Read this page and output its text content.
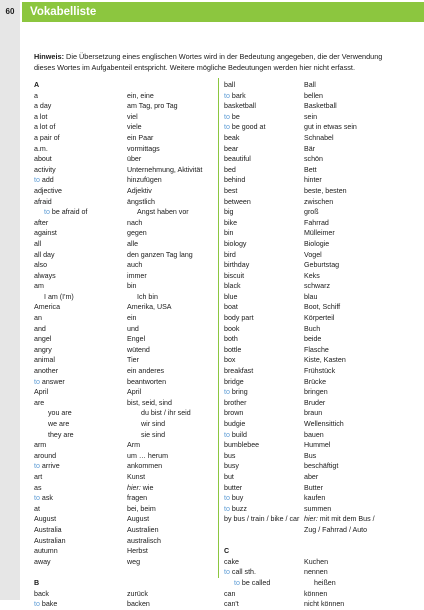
60	Vokabelliste
Hinweis: Die Übersetzung eines englischen Wortes wird in der Bedeutung angegeben, die der Verwendung dieses Wortes im Aufgabenteil entspricht. Weitere mögliche Bedeutungen werden hier nicht erfasst.
A
a	ein, eine
a day	am Tag, pro Tag
a lot	viel
a lot of	viele
a pair of	ein Paar
a.m.	vormittags
about	über
activity	Unternehmung, Aktivität
to add	hinzufügen
adjective	Adjektiv
afraid	ängstlich
to be afraid of	Angst haben vor
after	nach
against	gegen
all	alle
all day	den ganzen Tag lang
also	auch
always	immer
am	bin
I am (I'm)	Ich bin
America	Amerika, USA
an	ein
and	und
angel	Engel
angry	wütend
animal	Tier
another	ein anderes
to answer	beantworten
April	April
are	bist, seid, sind
you are	du bist / ihr seid
we are	wir sind
they are	sie sind
arm	Arm
around	um … herum
to arrive	ankommen
art	Kunst
as	hier: wie
to ask	fragen
at	bei, beim
August	August
Australia	Australien
Australian	australisch
autumn	Herbst
away	weg
B
back	zurück
to bake	backen
ball	Ball
to bark	bellen
basketball	Basketball
to be	sein
to be good at	gut in etwas sein
beak	Schnabel
bear	Bär
beautiful	schön
bed	Bett
behind	hinter
best	beste, besten
between	zwischen
big	groß
bike	Fahrrad
bin	Mülleimer
biology	Biologie
bird	Vogel
birthday	Geburtstag
biscuit	Keks
black	schwarz
blue	blau
boat	Boot, Schiff
body part	Körperteil
book	Buch
both	beide
bottle	Flasche
box	Kiste, Kasten
breakfast	Frühstück
bridge	Brücke
to bring	bringen
brother	Bruder
brown	braun
budgie	Wellensittich
to build	bauen
bumblebee	Hummel
bus	Bus
busy	beschäftigt
but	aber
butter	Butter
to buy	kaufen
to buzz	summen
by bus / train / bike / car hier: mit mit dem Bus /
Zug / Fahrrad / Auto
C
cake	Kuchen
to call sth.	nennen
to be called	heißen
can	können
can't	nicht können
